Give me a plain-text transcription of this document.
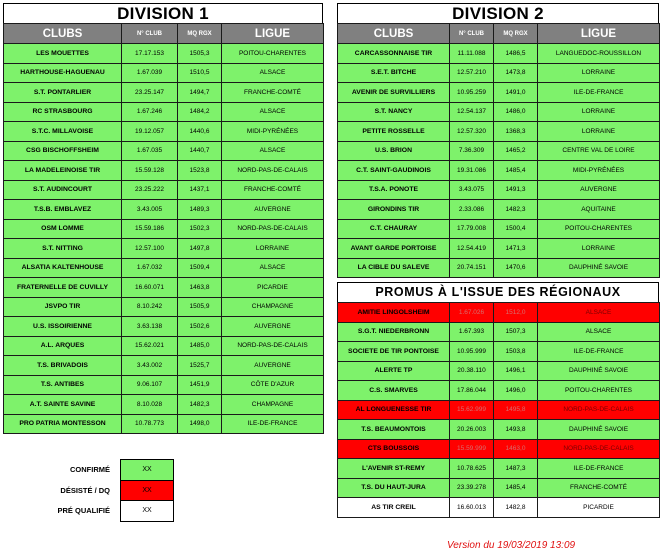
DIVISION 1
CLUBS	N° CLUB	MQ RGX	LIGUE
LES MOUETTES	17.17.153	1505,3	POITOU-CHARENTES
HARTHOUSE-HAGUENAU	1.67.039	1510,5	ALSACE
S.T. PONTARLIER	23.25.147	1494,7	FRANCHE-COMTÉ
RC STRASBOURG	1.67.246	1484,2	ALSACE
S.T.C. MILLAVOISE	19.12.057	1440,6	MIDI-PYRÉNÉES
CSG BISCHOFFSHEIM	1.67.035	1440,7	ALSACE
LA MADELEINOISE TIR	15.59.128	1523,8	NORD-PAS-DE-CALAIS
S.T. AUDINCOURT	23.25.222	1437,1	FRANCHE-COMTÉ
T.S.B. EMBLAVEZ	3.43.005	1489,3	AUVERGNE
OSM LOMME	15.59.186	1502,3	NORD-PAS-DE-CALAIS
S.T. NITTING	12.57.100	1497,8	LORRAINE
ALSATIA KALTENHOUSE	1.67.032	1509,4	ALSACE
FRATERNELLE DE CUVILLY	16.60.071	1463,8	PICARDIE
JSVPO TIR	8.10.242	1505,9	CHAMPAGNE
U.S. ISSOIRIENNE	3.63.138	1502,6	AUVERGNE
A.L. ARQUES	15.62.021	1485,0	NORD-PAS-DE-CALAIS
T.S. BRIVADOIS	3.43.002	1525,7	AUVERGNE
T.S. ANTIBES	9.06.107	1451,9	CÔTE D'AZUR
A.T. SAINTE SAVINE	8.10.028	1482,3	CHAMPAGNE
PRO PATRIA MONTESSON	10.78.773	1498,0	ILE-DE-FRANCE
DIVISION 2
CLUBS	N° CLUB	MQ RGX	LIGUE
CARCASSONNAISE TIR	11.11.088	1486,5	LANGUEDOC-ROUSSILLON
S.E.T. BITCHE	12.57.210	1473,8	LORRAINE
AVENIR DE SURVILLIERS	10.95.259	1491,0	ILE-DE-FRANCE
S.T. NANCY	12.54.137	1486,0	LORRAINE
PETITE ROSSELLE	12.57.320	1368,3	LORRAINE
U.S. BRION	7.36.309	1465,2	CENTRE VAL DE LOIRE
C.T. SAINT-GAUDINOIS	19.31.086	1485,4	MIDI-PYRÉNÉES
T.S.A. PONOTE	3.43.075	1491,3	AUVERGNE
GIRONDINS TIR	2.33.086	1482,3	AQUITAINE
C.T. CHAURAY	17.79.008	1500,4	POITOU-CHARENTES
AVANT GARDE PORTOISE	12.54.419	1471,3	LORRAINE
LA CIBLE DU SALEVE	20.74.151	1470,6	DAUPHINÉ SAVOIE
PROMUS À L'ISSUE DES RÉGIONAUX
AMITIE LINGOLSHEIM	1.67.026	1512,0	ALSACE
S.G.T. NIEDERBRONN	1.67.393	1507,3	ALSACE
SOCIETE DE TIR PONTOISE	10.95.999	1503,8	ILE-DE-FRANCE
ALERTE TP	20.38.110	1496,1	DAUPHINÉ SAVOIE
C.S. SMARVES	17.86.044	1496,0	POITOU-CHARENTES
AL LONGUENESSE TIR	15.62.999	1495,8	NORD-PAS-DE-CALAIS
T.S. BEAUMONTOIS	20.26.003	1493,8	DAUPHINÉ SAVOIE
CTS BOUSSOIS	15.59.999	1463,0	NORD-PAS-DE-CALAIS
L'AVENIR ST-REMY	10.78.625	1487,3	ILE-DE-FRANCE
T.S. DU HAUT-JURA	23.39.278	1485,4	FRANCHE-COMTÉ
AS TIR CREIL	16.60.013	1482,8	PICARDIE
CONFIRMÉ	XX
DÉSISTÉ / DQ	XX
PRÉ QUALIFIÉ	XX
Version du 19/03/2019 13:09
